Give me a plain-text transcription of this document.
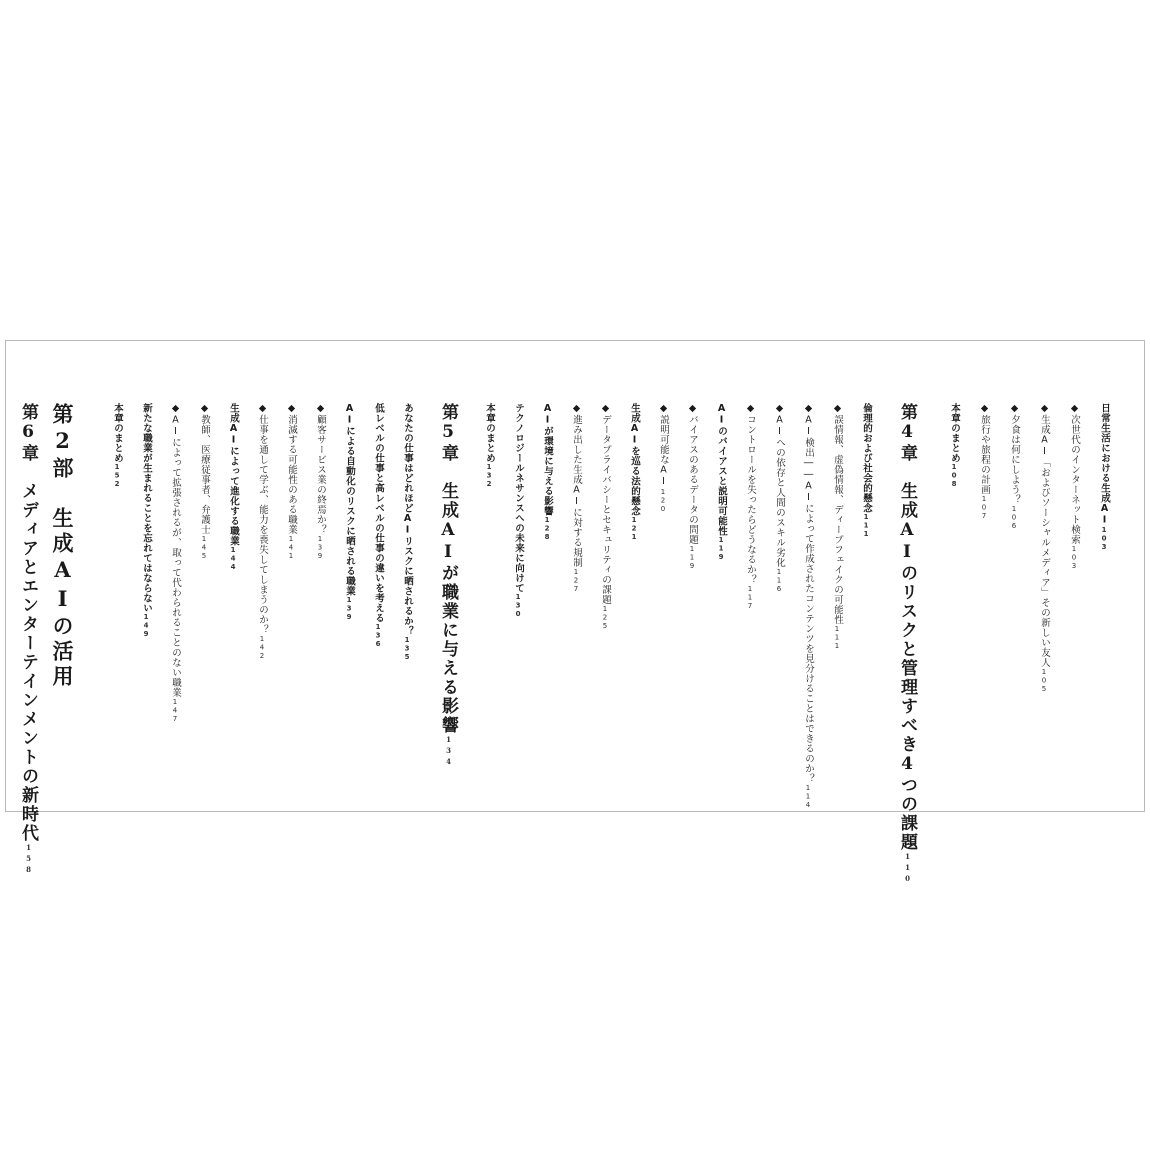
日常生活における生成AI103
◆次世代のインターネット検索103
◆生成AI「およびソーシャルメディア」その新しい友人105
◆夕食は何にしよう？106
◆旅行や旅程の計画107
本章のまとめ108
第4章　生成AIのリスクと管理すべき4つの課題110
倫理的および社会的懸念111
◆誤情報、虚偽情報、ディープフェイクの可能性111
◆AI検出――AIによって作成されたコンテンツを見分けることはできるのか？114
◆AIへの依存と人間のスキル劣化116
◆コントロールを失ったらどうなるか？117
AIのバイアスと説明可能性119
◆バイアスのあるデータの問題119
◆説明可能なAI120
生成AIを巡る法的懸念121
◆データプライバシーとセキュリティの課題125
◆進み出した生成AIに対する規制127
AIが環境に与える影響128
テクノロジールネサンスへの未来に向けて130
本章のまとめ132
第5章　生成AIが職業に与える影響134
あなたの仕事はどれほどAIリスクに晒されるか？135
低レベルの仕事と高レベルの仕事の違いを考える136
AIによる自動化のリスクに晒される職業139
◆顧客サービス業の終焉か？139
◆消滅する可能性のある職業141
◆仕事を通して学ぶ、能力を喪失してしまうのか？142
生成AIによって進化する職業144
◆教師、医療従事者、弁護士145
◆AIによって拡張されるが、取って代わられることのない職業147
新たな職業が生まれることを忘れてはならない149
本章のまとめ152
第2部　生成AIの活用
第6章　メディアとエンターテインメントの新時代158
